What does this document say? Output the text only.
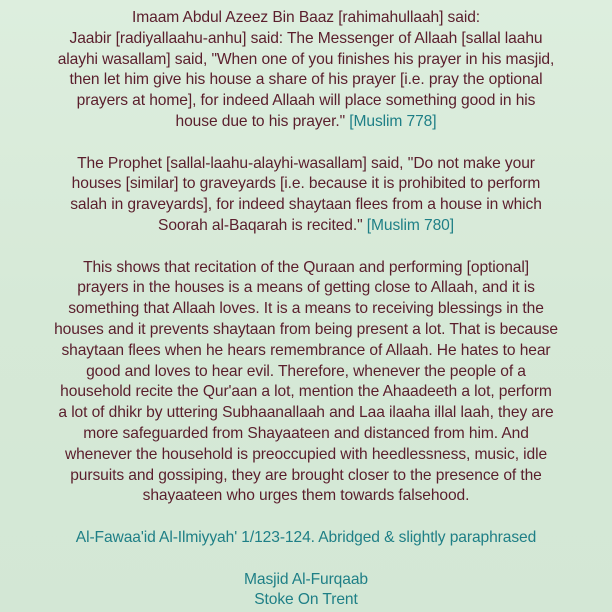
Imaam Abdul Azeez Bin Baaz [rahimahullaah] said:
Jaabir [radiyallaahu-anhu] said: The Messenger of Allaah [sallal laahu
alayhi wasallam] said, "When one of you finishes his prayer in his masjid,
then let him give his house a share of his prayer [i.e. pray the optional
prayers at home], for indeed Allaah will place something good in his
house due to his prayer." [Muslim 778]
The Prophet [sallal-laahu-alayhi-wasallam] said, ''Do not make your
houses [similar] to graveyards [i.e. because it is prohibited to perform
salah in graveyards], for indeed shaytaan flees from a house in which
Soorah al-Baqarah is recited." [Muslim 780]
This shows that recitation of the Quraan and performing [optional]
prayers in the houses is a means of getting close to Allaah, and it is
something that Allaah loves. It is a means to receiving blessings in the
houses and it prevents shaytaan from being present a lot. That is because
shaytaan flees when he hears remembrance of Allaah. He hates to hear
good and loves to hear evil. Therefore, whenever the people of a
household recite the Qur'aan a lot, mention the Ahaadeeth a lot, perform
a lot of dhikr by uttering Subhaanallaah and Laa ilaaha illal laah, they are
more safeguarded from Shayaateen and distanced from him. And
whenever the household is preoccupied with heedlessness, music, idle
pursuits and gossiping, they are brought closer to the presence of the
shayaateen who urges them towards falsehood.
Al-Fawaa'id Al-Ilmiyyah' 1/123-124. Abridged & slightly paraphrased
Masjid Al-Furqaab
Stoke On Trent
